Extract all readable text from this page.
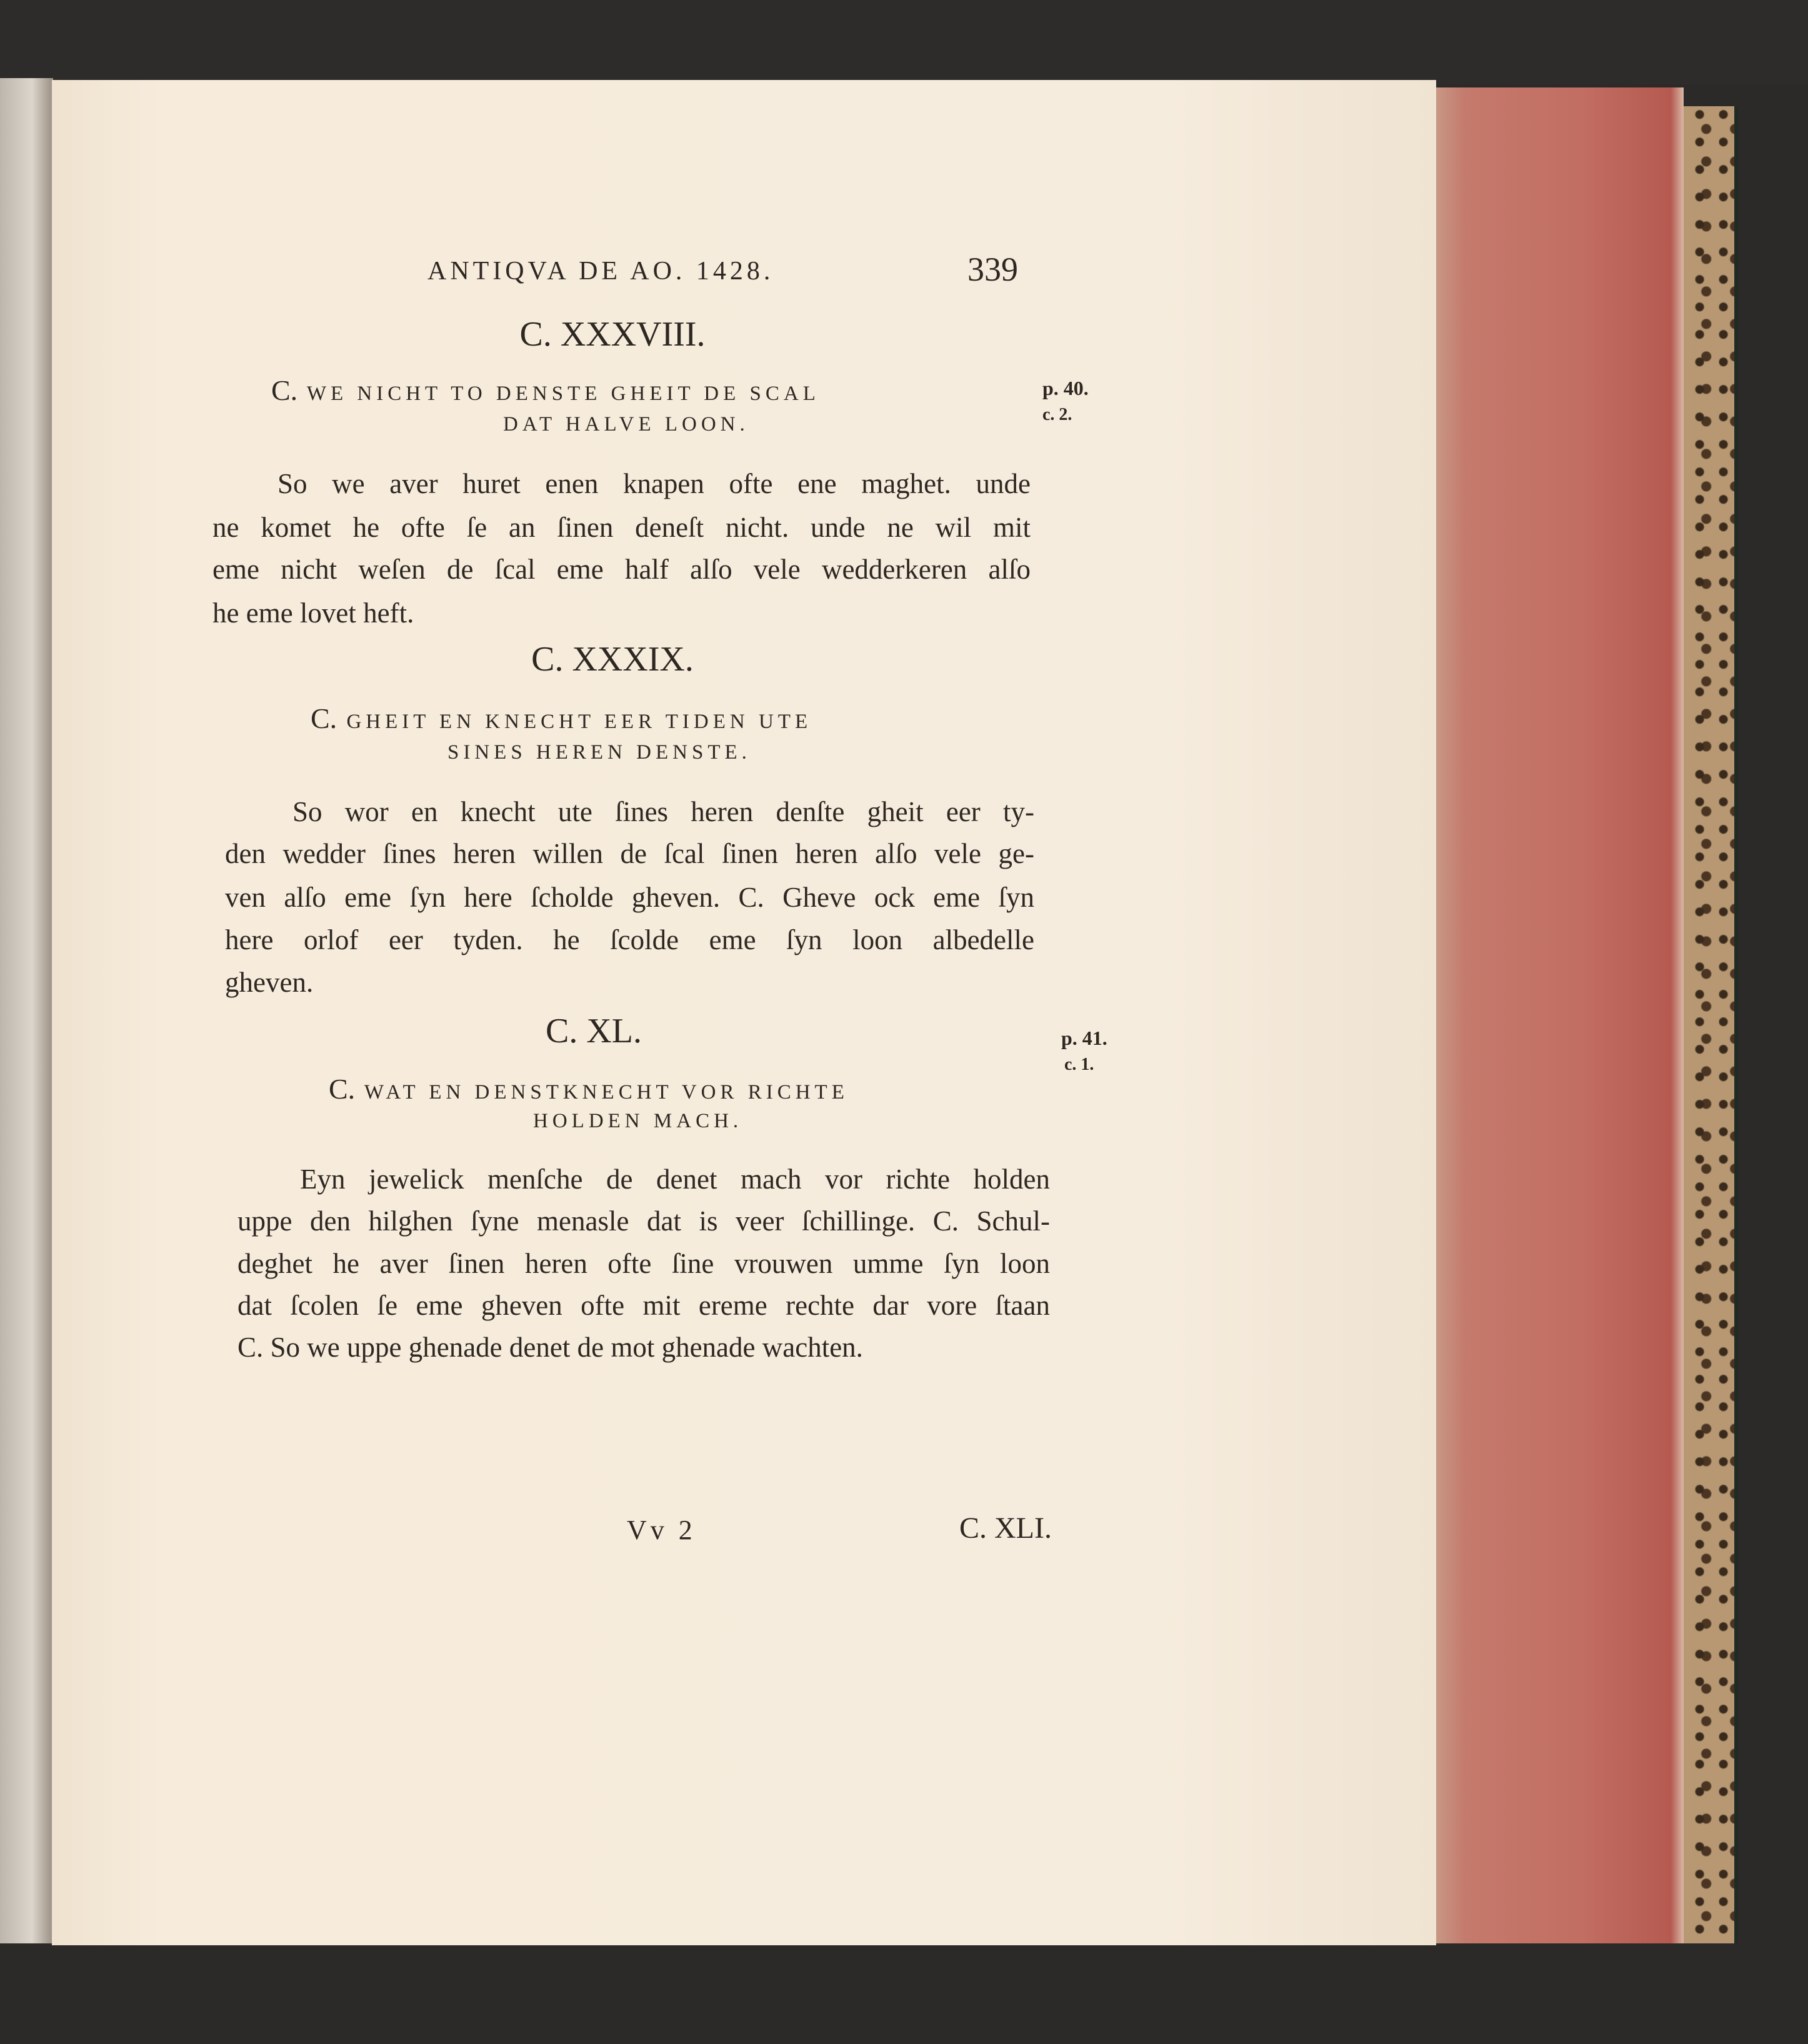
ANTIQVA DE AO. 1428.	339
C. XXXVIII.
C. WE NICHT TO DENSTE GHEIT DE SCAL
DAT HALVE LOON.
p. 40.
c. 2.
So we aver huret enen knapen ofte ene maghet. unde
ne komet he ofte ſe an ſinen deneſt nicht. unde ne wil mit
eme nicht weſen de ſcal eme half alſo vele wedderkeren alſo
he eme lovet heft.
C. XXXIX.
C. GHEIT EN KNECHT EER TIDEN UTE
SINES HEREN DENSTE.
So wor en knecht ute ſines heren denſte gheit eer ty-
den wedder ſines heren willen de ſcal ſinen heren alſo vele ge-
ven alſo eme ſyn here ſcholde gheven. C. Gheve ock eme ſyn
here orlof eer tyden. he ſcolde eme ſyn loon albedelle
gheven.
C. XL.
C. WAT EN DENSTKNECHT VOR RICHTE
HOLDEN MACH.
p. 41.
c. 1.
Eyn jewelick menſche de denet mach vor richte holden
uppe den hilghen ſyne menasle dat is veer ſchillinge. C. Schul-
deghet he aver ſinen heren ofte ſine vrouwen umme ſyn loon
dat ſcolen ſe eme gheven ofte mit ereme rechte dar vore ſtaan
C. So we uppe ghenade denet de mot ghenade wachten.
Vv 2	C. XLI.
